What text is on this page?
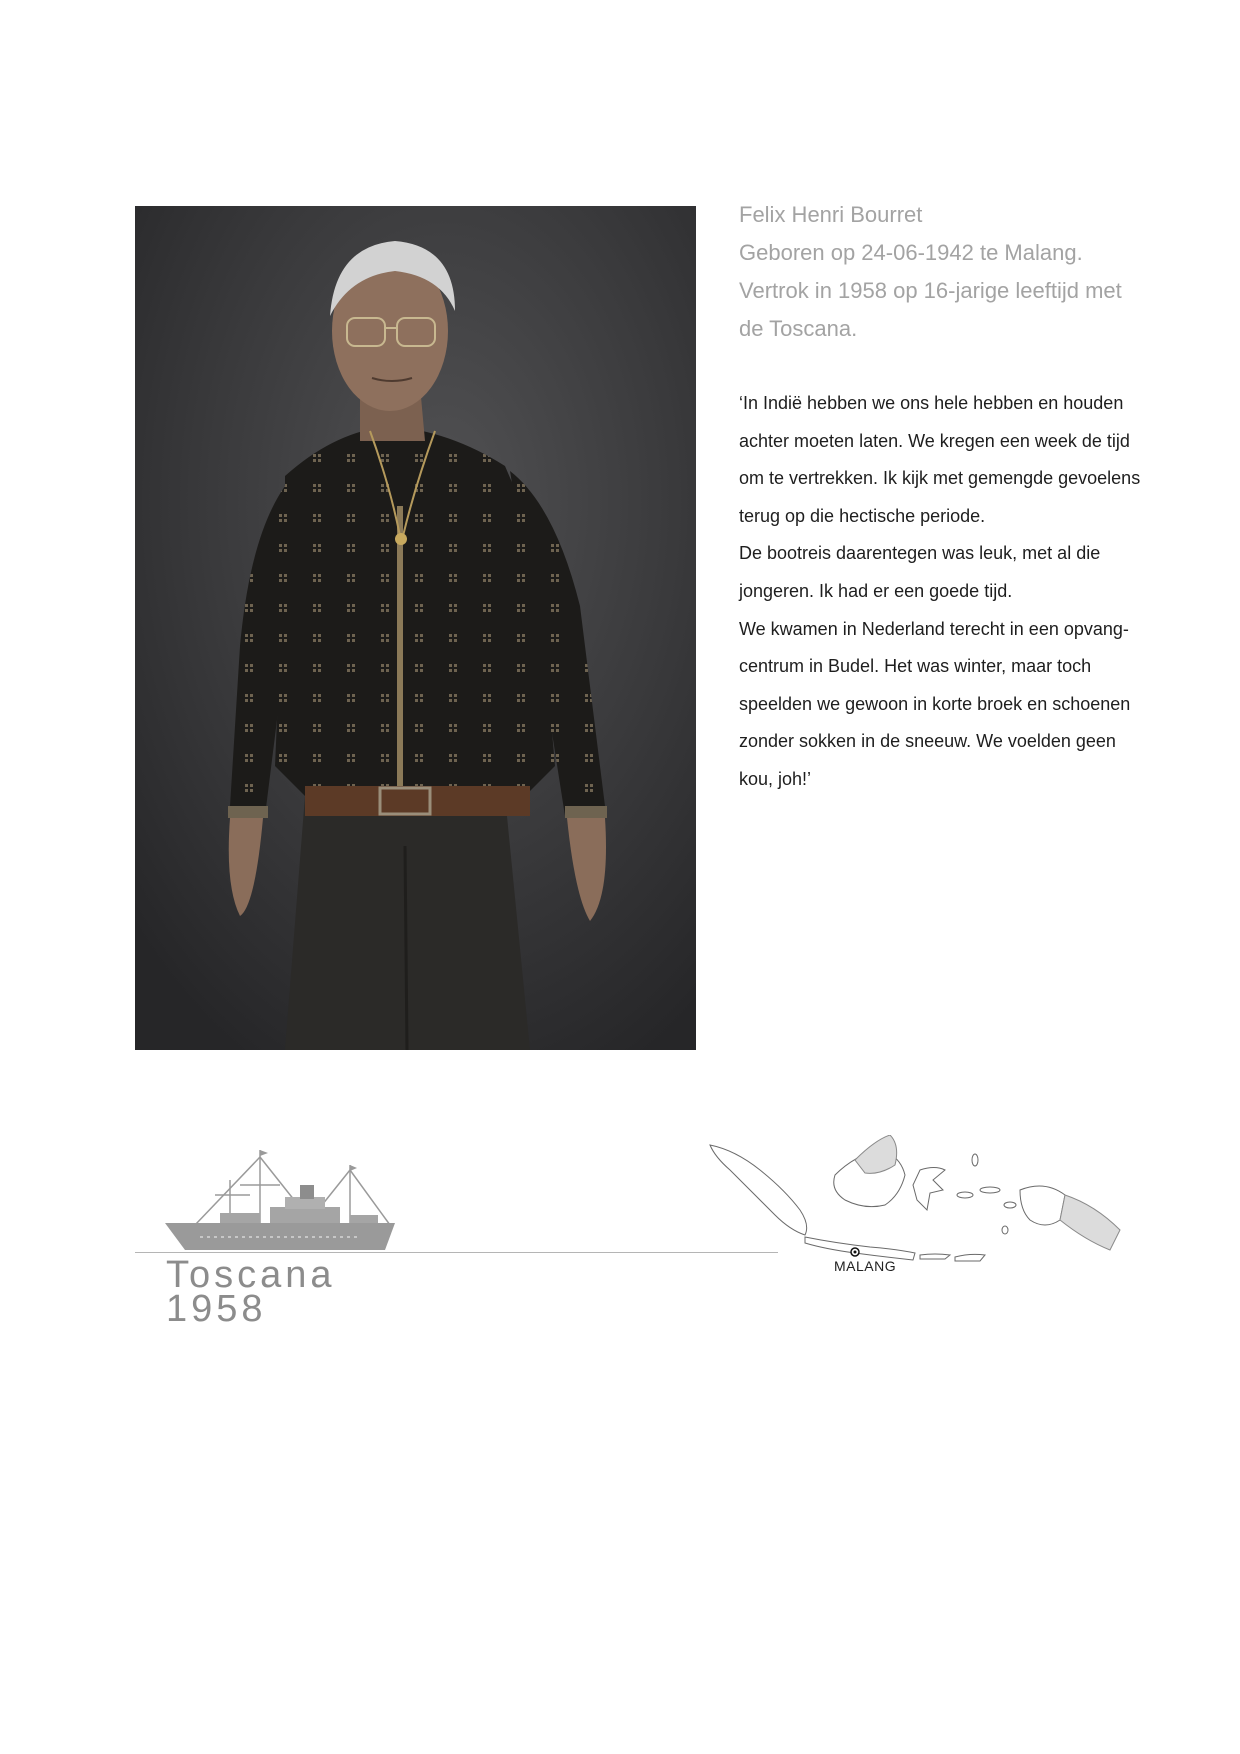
Felix Henri Bourret
Geboren op 24-06-1942 te Malang.
Vertrok in 1958 op 16-jarige leeftijd met
de Toscana.
‘In Indië hebben we ons hele hebben en houden
achter moeten laten. We kregen een week de tijd
om te vertrekken. Ik kijk met gemengde gevoelens
terug op die hectische periode.
De bootreis daarentegen was leuk, met al die
jongeren. Ik had er een goede tijd.
We kwamen in Nederland terecht in een opvang-
centrum in Budel. Het was winter, maar toch
speelden we gewoon in korte broek en schoenen
zonder sokken in de sneeuw. We voelden geen
kou, joh!’
Toscana
1958
MALANG
